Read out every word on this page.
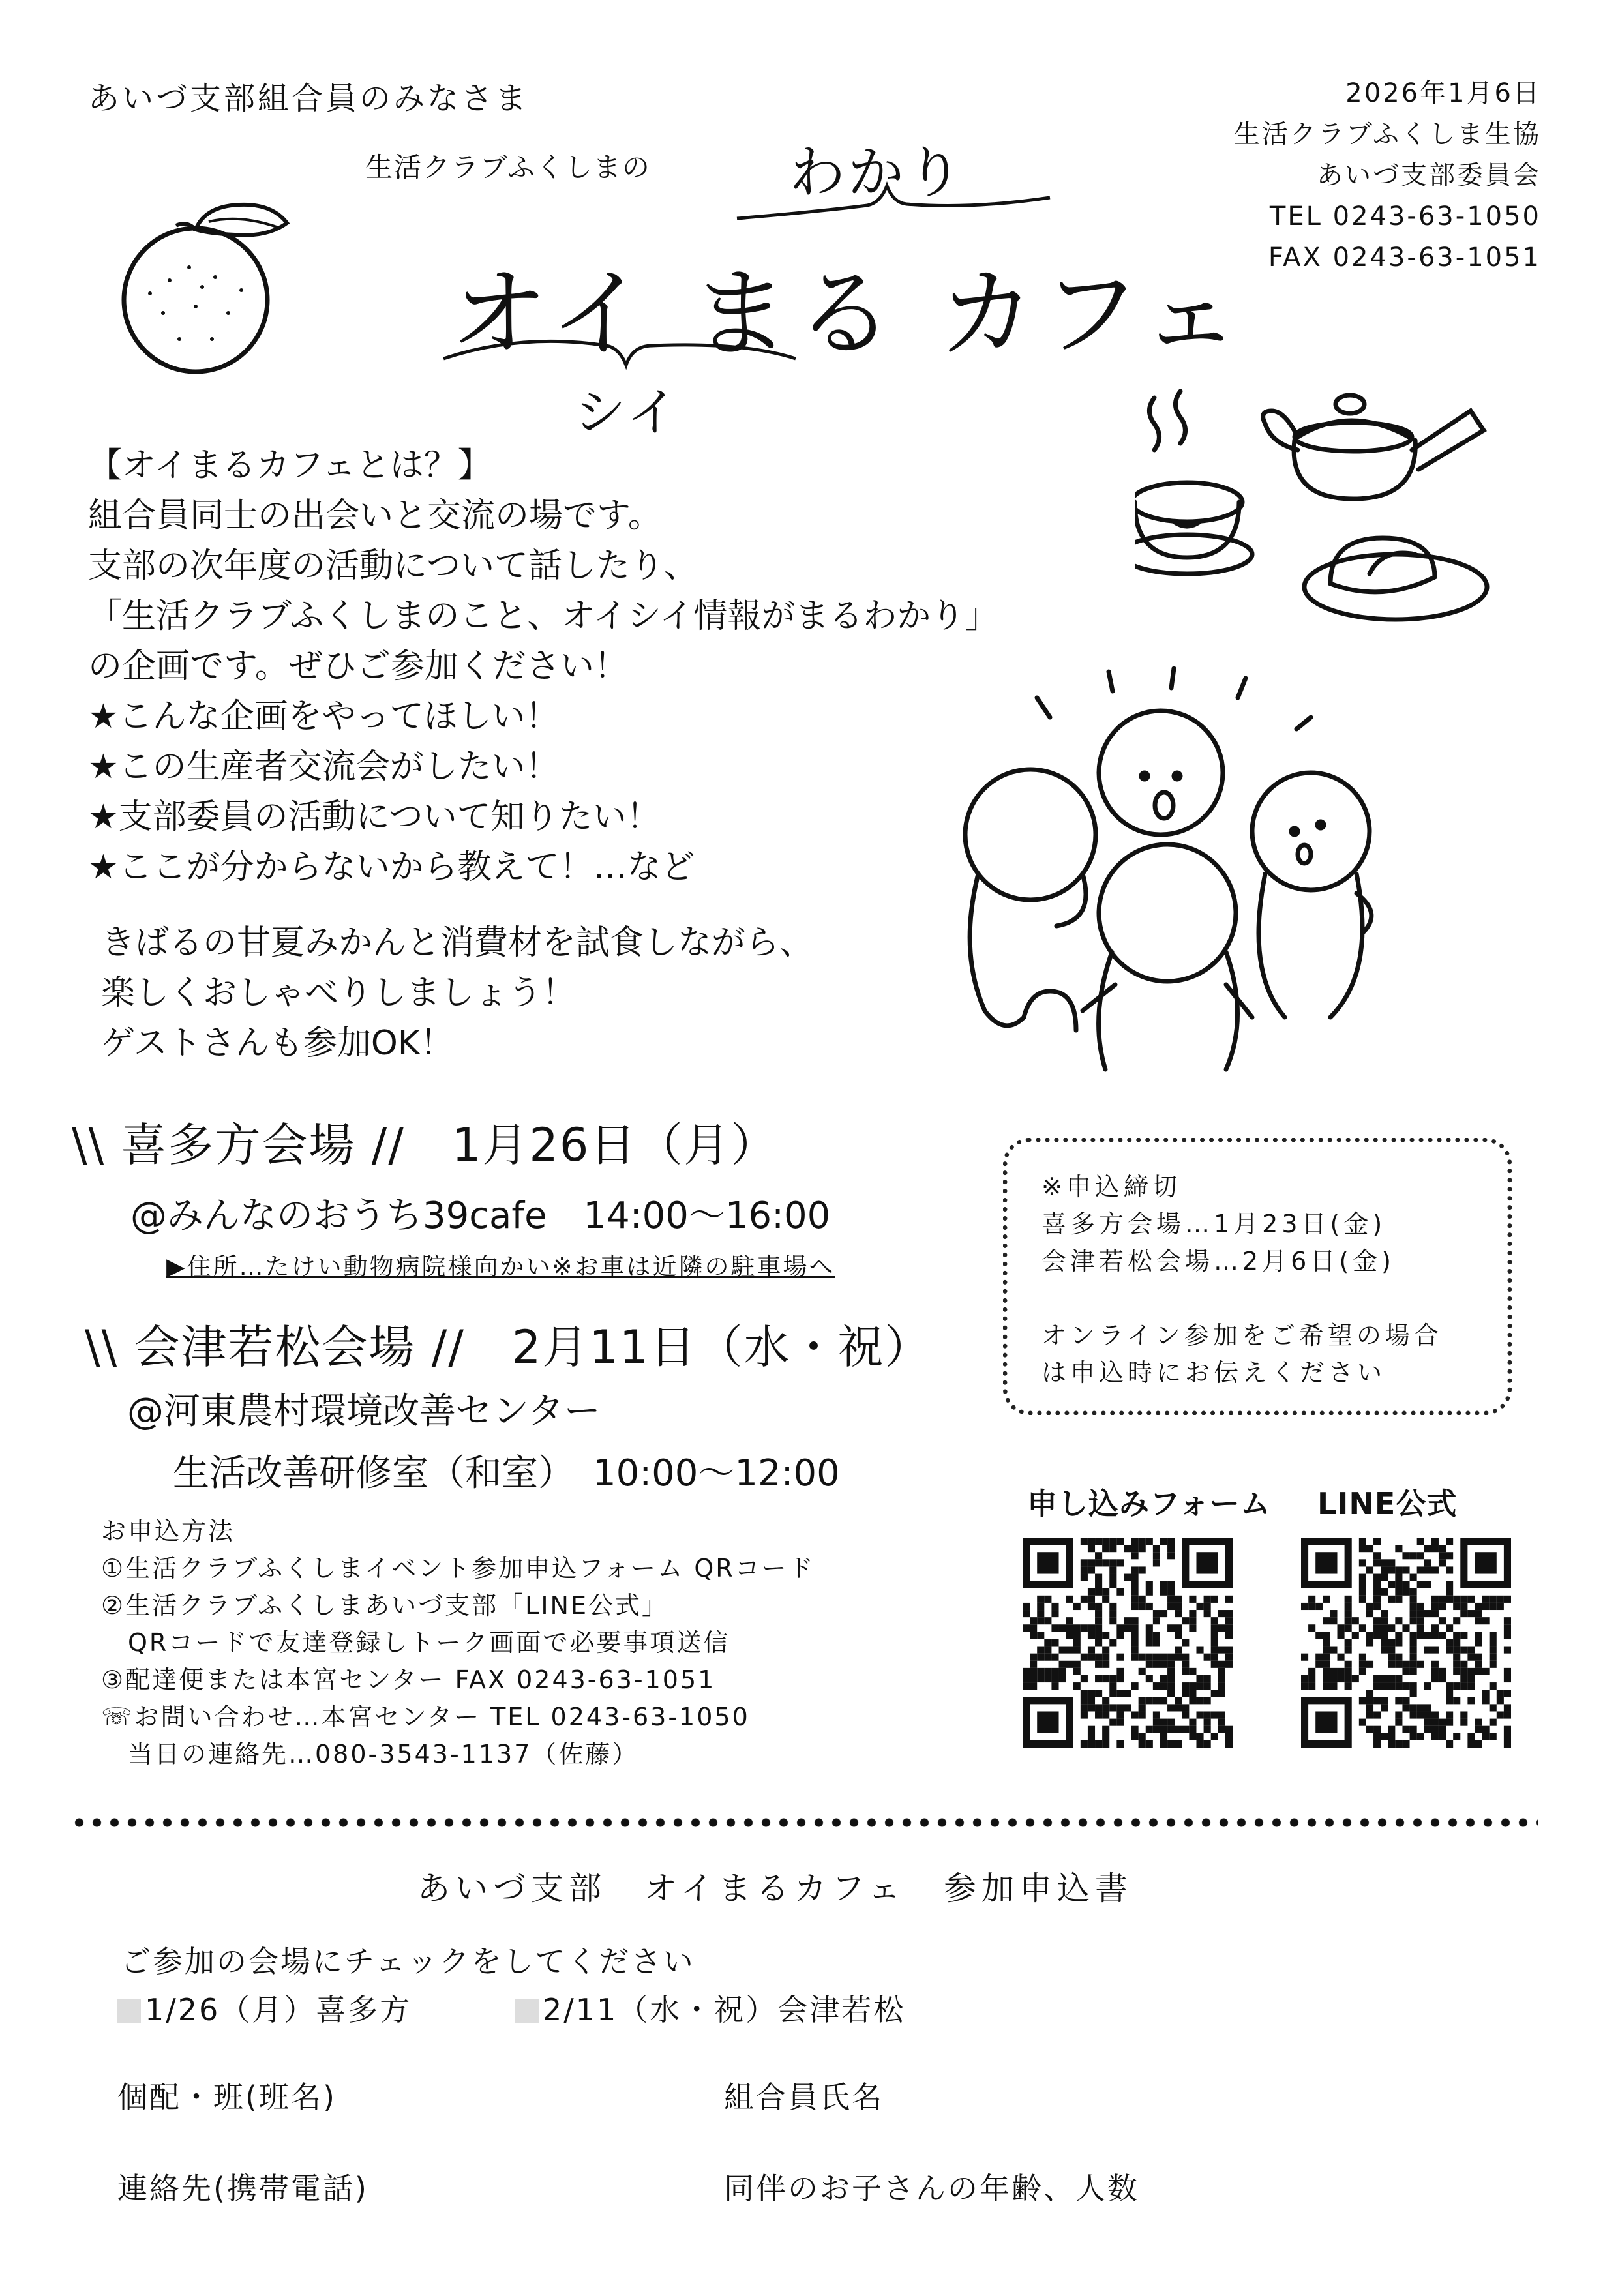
あいづ支部組合員のみなさま	2026年1月6日
生活クラブふくしま生協
あいづ支部委員会
TEL 0243-63-1050
FAX 0243-63-1051
生活クラブふくしまの わかり
オイ まる カフェ
シイ
【オイまるカフェとは？】
組合員同士の出会いと交流の場です。
支部の次年度の活動について話したり、
「生活クラブふくしまのこと、オイシイ情報がまるわかり」
の企画です。ぜひご参加ください！
★こんな企画をやってほしい！
★この生産者交流会がしたい！
★支部委員の活動について知りたい！
★ここが分からないから教えて！…など
きばるの甘夏みかんと消費材を試食しながら、
楽しくおしゃべりしましょう！
ゲストさんも参加OK！
\\ 喜多方会場 //　1月26日（月）
@みんなのおうち39cafe　14:00〜16:00
▶住所…たけい動物病院様向かい※お車は近隣の駐車場へ
\\ 会津若松会場 //　2月11日（水・祝）
@河東農村環境改善センター
生活改善研修室（和室）　10:00〜12:00
※申込締切
喜多方会場…1月23日(金)
会津若松会場…2月6日(金)

オンライン参加をご希望の場合
は申込時にお伝えください
お申込方法
①生活クラブふくしまイベント参加申込フォーム QRコード
②生活クラブふくしまあいづ支部「LINE公式」
　QRコードで友達登録しトーク画面で必要事項送信
③配達便または本宮センター FAX 0243-63-1051
☏お問い合わせ…本宮センター TEL 0243-63-1050
　当日の連絡先…080-3543-1137（佐藤）
申し込みフォーム LINE公式
あいづ支部　オイまるカフェ　参加申込書
ご参加の会場にチェックをしてください
1/26（月）喜多方	2/11（水・祝）会津若松
個配・班(班名)	組合員氏名
連絡先(携帯電話)	同伴のお子さんの年齢、人数
